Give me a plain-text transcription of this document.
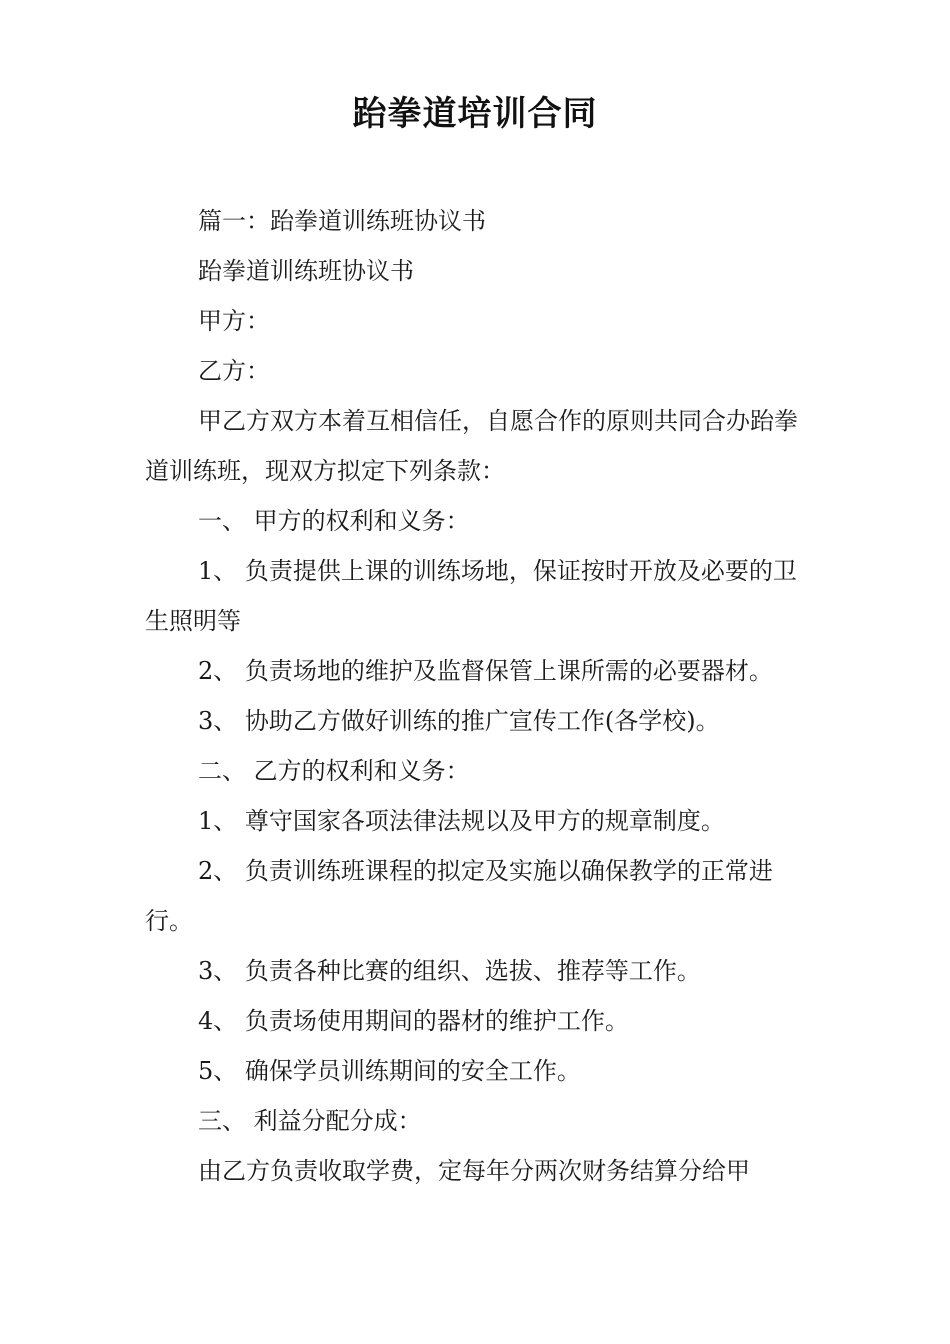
跆拳道培训合同

篇一：跆拳道训练班协议书

跆拳道训练班协议书

甲方：

乙方：

甲乙方双方本着互相信任，自愿合作的原则共同合办跆拳道训练班，现双方拟定下列条款：

一、 甲方的权利和义务：

1、 负责提供上课的训练场地，保证按时开放及必要的卫生照明等

2、 负责场地的维护及监督保管上课所需的必要器材。

3、 协助乙方做好训练的推广宣传工作(各学校)。

二、 乙方的权利和义务：

1、 尊守国家各项法律法规以及甲方的规章制度。

2、 负责训练班课程的拟定及实施以确保教学的正常进行。

3、 负责各种比赛的组织、选拔、推荐等工作。

4、 负责场使用期间的器材的维护工作。

5、 确保学员训练期间的安全工作。

三、 利益分配分成：

由乙方负责收取学费，定每年分两次财务结算分给甲
